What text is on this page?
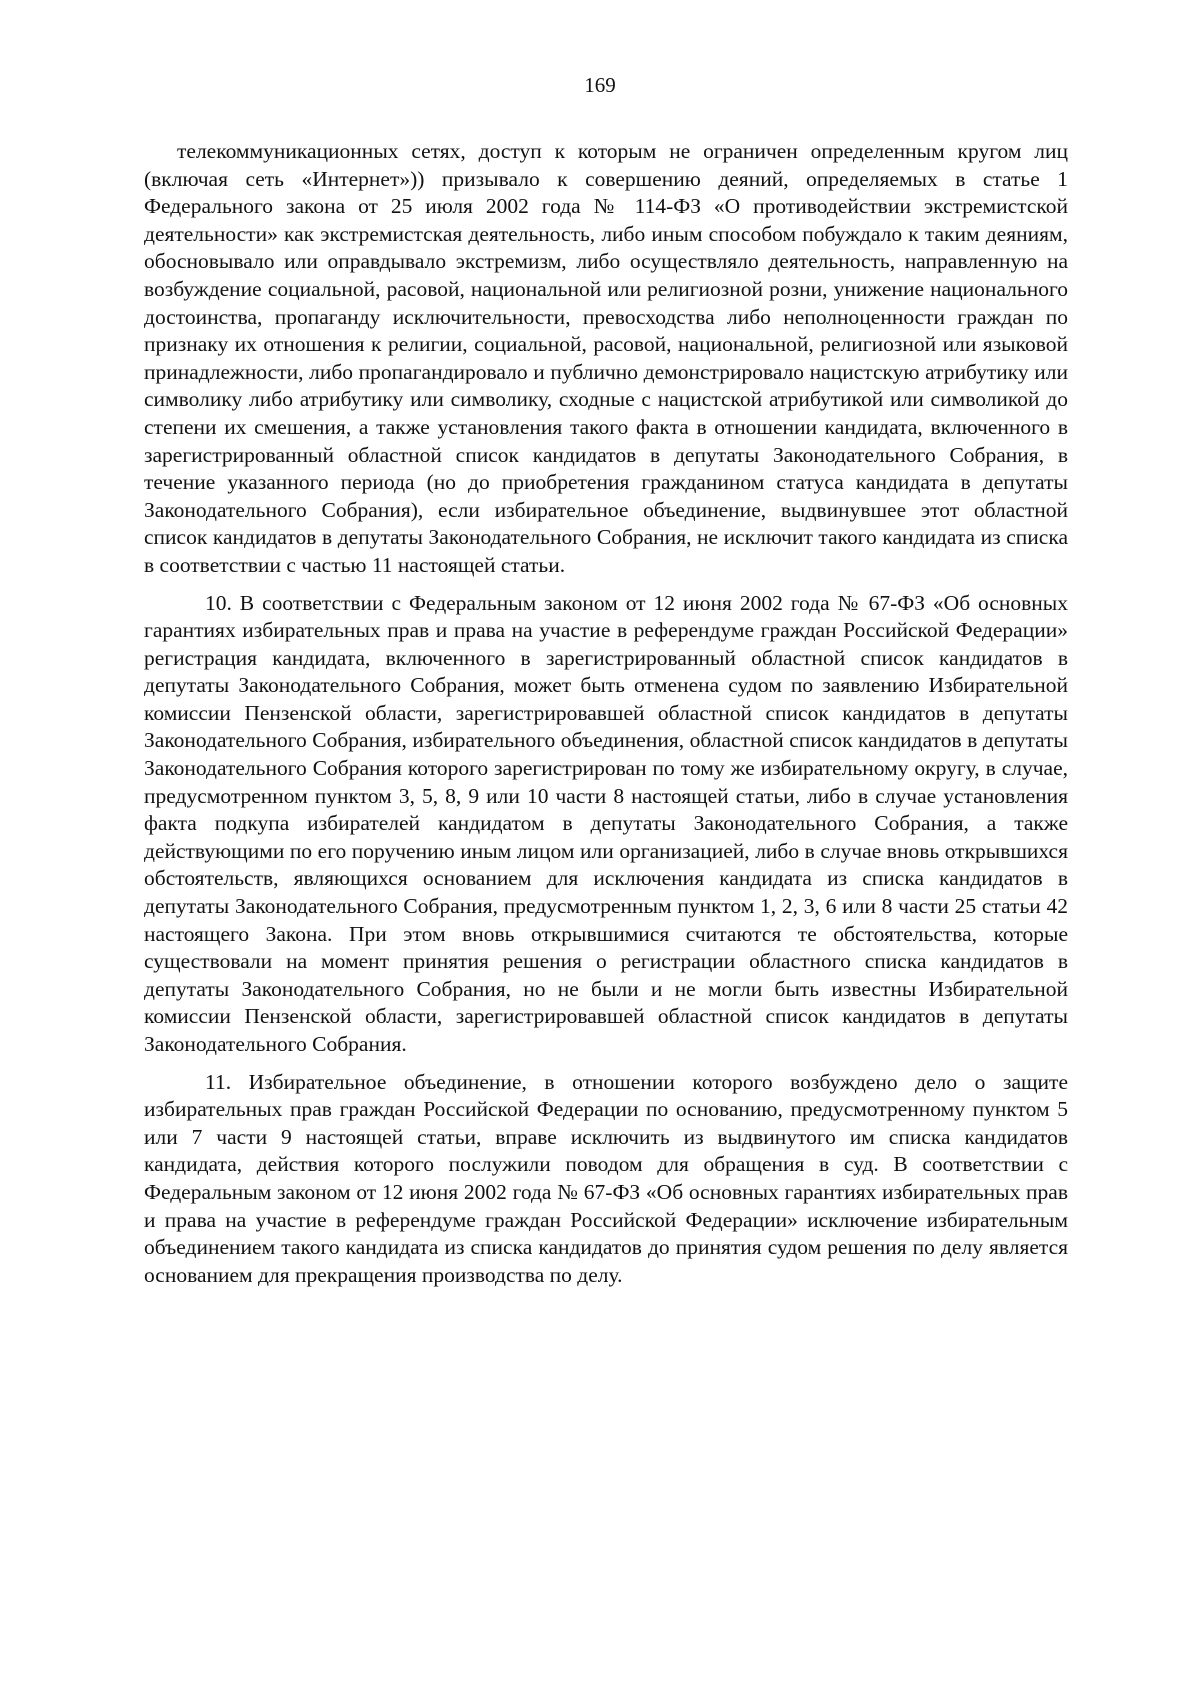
169

телекоммуникационных сетях, доступ к которым не ограничен определенным кругом лиц (включая сеть «Интернет»)) призывало к совершению деяний, определяемых в статье 1 Федерального закона от 25 июля 2002 года № 114-ФЗ «О противодействии экстремистской деятельности» как экстремистская деятельность, либо иным способом побуждало к таким деяниям, обосновывало или оправдывало экстремизм, либо осуществляло деятельность, направленную на возбуждение социальной, расовой, национальной или религиозной розни, унижение национального достоинства, пропаганду исключительности, превосходства либо неполноценности граждан по признаку их отношения к религии, социальной, расовой, национальной, религиозной или языковой принадлежности, либо пропагандировало и публично демонстрировало нацистскую атрибутику или символику либо атрибутику или символику, сходные с нацистской атрибутикой или символикой до степени их смешения, а также установления такого факта в отношении кандидата, включенного в зарегистрированный областной список кандидатов в депутаты Законодательного Собрания, в течение указанного периода (но до приобретения гражданином статуса кандидата в депутаты Законодательного Собрания), если избирательное объединение, выдвинувшее этот областной список кандидатов в депутаты Законодательного Собрания, не исключит такого кандидата из списка в соответствии с частью 11 настоящей статьи.

10. В соответствии с Федеральным законом от 12 июня 2002 года № 67-ФЗ «Об основных гарантиях избирательных прав и права на участие в референдуме граждан Российской Федерации» регистрация кандидата, включенного в зарегистрированный областной список кандидатов в депутаты Законодательного Собрания, может быть отменена судом по заявлению Избирательной комиссии Пензенской области, зарегистрировавшей областной список кандидатов в депутаты Законодательного Собрания, избирательного объединения, областной список кандидатов в депутаты Законодательного Собрания которого зарегистрирован по тому же избирательному округу, в случае, предусмотренном пунктом 3, 5, 8, 9 или 10 части 8 настоящей статьи, либо в случае установления факта подкупа избирателей кандидатом в депутаты Законодательного Собрания, а также действующими по его поручению иным лицом или организацией, либо в случае вновь открывшихся обстоятельств, являющихся основанием для исключения кандидата из списка кандидатов в депутаты Законодательного Собрания, предусмотренным пунктом 1, 2, 3, 6 или 8 части 25 статьи 42 настоящего Закона. При этом вновь открывшимися считаются те обстоятельства, которые существовали на момент принятия решения о регистрации областного списка кандидатов в депутаты Законодательного Собрания, но не были и не могли быть известны Избирательной комиссии Пензенской области, зарегистрировавшей областной список кандидатов в депутаты Законодательного Собрания.

11. Избирательное объединение, в отношении которого возбуждено дело о защите избирательных прав граждан Российской Федерации по основанию, предусмотренному пунктом 5 или 7 части 9 настоящей статьи, вправе исключить из выдвинутого им списка кандидатов кандидата, действия которого послужили поводом для обращения в суд. В соответствии с Федеральным законом от 12 июня 2002 года № 67-ФЗ «Об основных гарантиях избирательных прав и права на участие в референдуме граждан Российской Федерации» исключение избирательным объединением такого кандидата из списка кандидатов до принятия судом решения по делу является основанием для прекращения производства по делу.
